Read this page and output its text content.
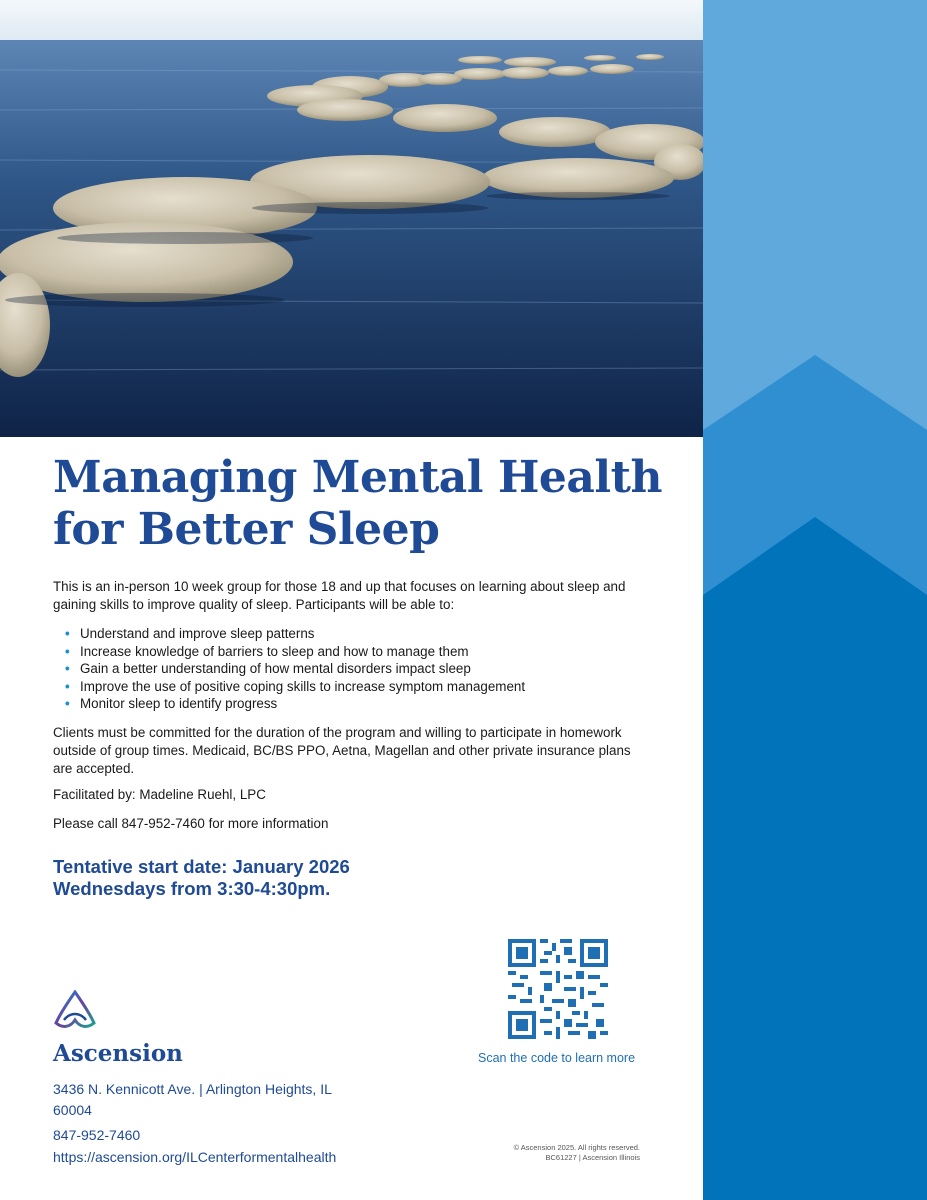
Managing Mental Health
for Better Sleep

This is an in-person 10 week group for those 18 and up that focuses on learning about sleep and gaining skills to improve quality of sleep. Participants will be able to:

• Understand and improve sleep patterns
• Increase knowledge of barriers to sleep and how to manage them
• Gain a better understanding of how mental disorders impact sleep
• Improve the use of positive coping skills to increase symptom management
• Monitor sleep to identify progress

Clients must be committed for the duration of the program and willing to participate in homework outside of group times. Medicaid, BC/BS PPO, Aetna, Magellan and other private insurance plans are accepted.

Facilitated by: Madeline Ruehl, LPC

Please call 847-952-7460 for more information

Tentative start date: January 2026
Wednesdays from 3:30-4:30pm.

Ascension

3436 N. Kennicott Ave. | Arlington Heights, IL 60004

847-952-7460

https://ascension.org/ILCenterformentalhealth

Scan the code to learn more

© Ascension 2025. All rights reserved.
BC61227 | Ascension Illinois
